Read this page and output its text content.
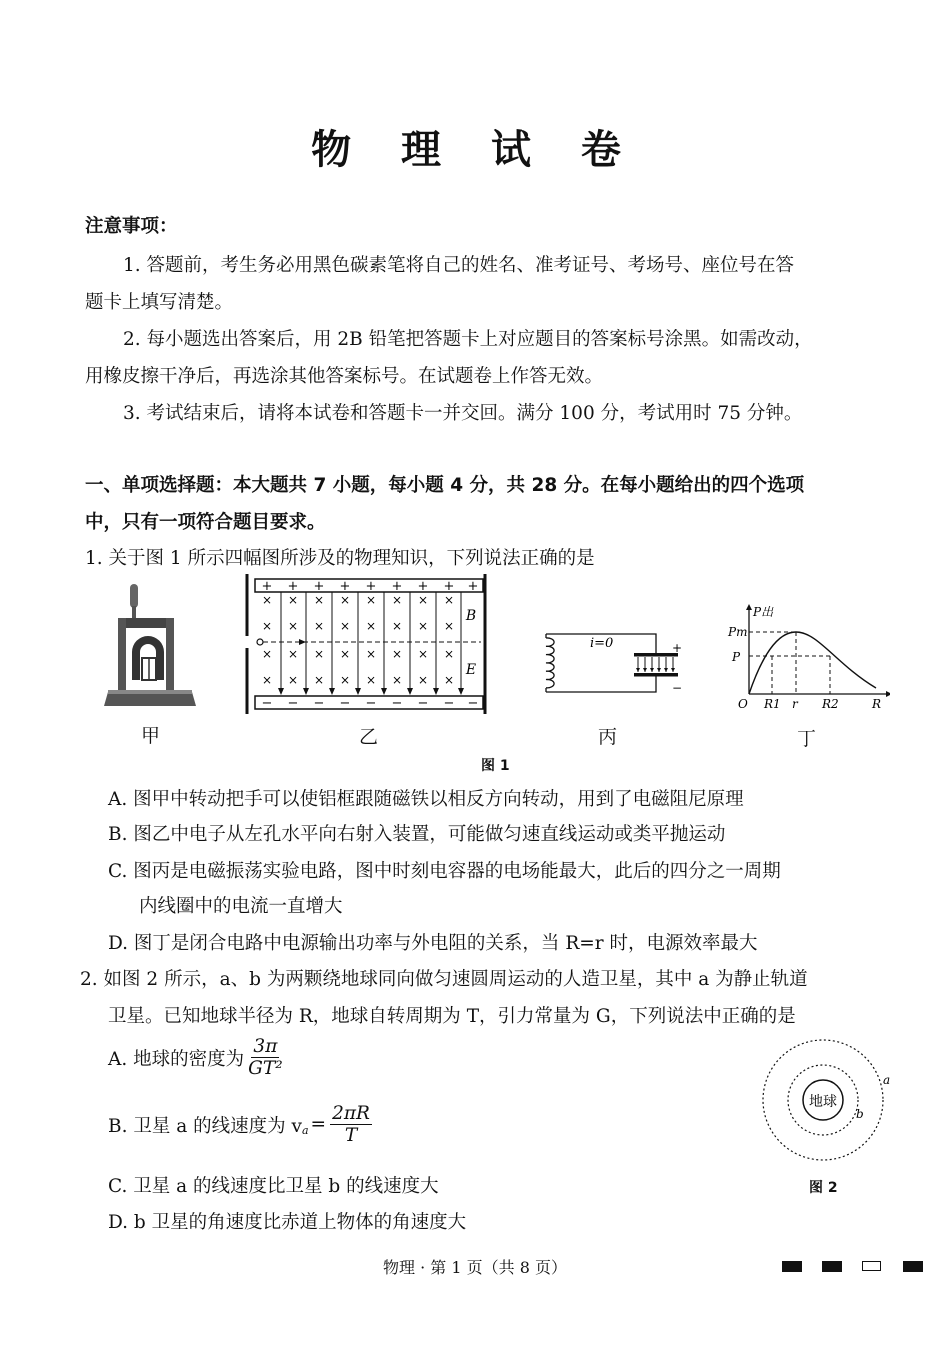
物 理 试 卷
注意事项：
1. 答题前，考生务必用黑色碳素笔将自己的姓名、准考证号、考场号、座位号在答
题卡上填写清楚。
2. 每小题选出答案后，用 2B 铅笔把答题卡上对应题目的答案标号涂黑。如需改动，
用橡皮擦干净后，再选涂其他答案标号。在试题卷上作答无效。
3. 考试结束后，请将本试卷和答题卡一并交回。满分 100 分，考试用时 75 分钟。
一、单项选择题：本大题共 7 小题，每小题 4 分，共 28 分。在每小题给出的四个选项
中，只有一项符合题目要求。
1. 关于图 1 所示四幅图所涉及的物理知识，下列说法正确的是
+ + + + + + + + +
− − − − − − − − −
× × × × × × × ×
× × × × × × × ×
× × × × × × × ×
× × × × × × × ×
B
E
+
−
i=0
P出
Pm
P
O R1 r R2	R
甲	乙	丙	丁
图 1
A. 图甲中转动把手可以使铝框跟随磁铁以相反方向转动，用到了电磁阻尼原理
B. 图乙中电子从左孔水平向右射入装置，可能做匀速直线运动或类平抛运动
C. 图丙是电磁振荡实验电路，图中时刻电容器的电场能最大，此后的四分之一周期
内线圈中的电流一直增大
D. 图丁是闭合电路中电源输出功率与外电阻的关系，当 R=r 时，电源效率最大
2. 如图 2 所示，a、b 为两颗绕地球同向做匀速圆周运动的人造卫星，其中 a 为静止轨道
卫星。已知地球半径为 R，地球自转周期为 T，引力常量为 G，下列说法中正确的是
A. 地球的密度为 $\frac{3\pi}{\text{GT²}}$
B. 卫星 a 的线速度为 $v_a = \frac{2\pi R}{T}$
C. 卫星 a 的线速度比卫星 b 的线速度大
D. b 卫星的角速度比赤道上物体的角速度大
地球
a
b
图 2
物理 · 第 1 页（共 8 页）
